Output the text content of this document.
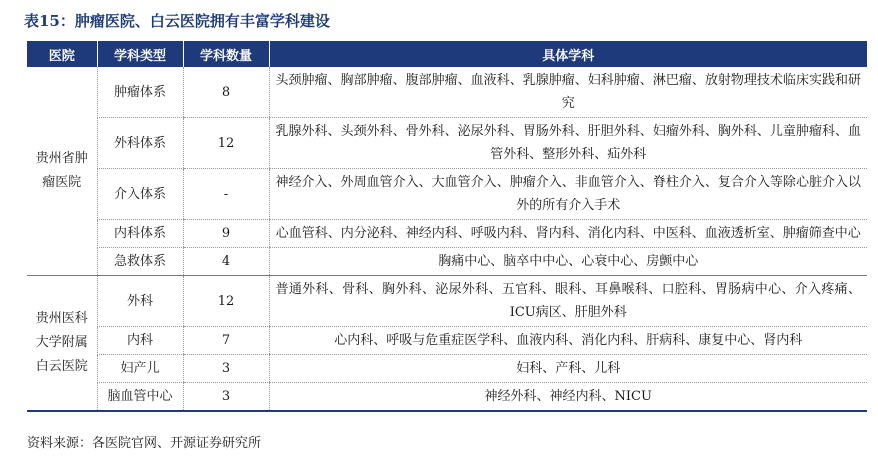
表15：肿瘤医院、白云医院拥有丰富学科建设
医院	学科类型	学科数量	具体学科
贵州省肿瘤医院	肿瘤体系	8	头颈肿瘤、胸部肿瘤、腹部肿瘤、血液科、乳腺肿瘤、妇科肿瘤、淋巴瘤、放射物理技术临床实践和研究
	外科体系	12	乳腺外科、头颈外科、骨外科、泌尿外科、胃肠外科、肝胆外科、妇瘤外科、胸外科、儿童肿瘤科、血管外科、整形外科、疝外科
	介入体系	-	神经介入、外周血管介入、大血管介入、肿瘤介入、非血管介入、脊柱介入、复合介入等除心脏介入以外的所有介入手术
	内科体系	9	心血管科、内分泌科、神经内科、呼吸内科、肾内科、消化内科、中医科、血液透析室、肿瘤筛查中心
	急救体系	4	胸痛中心、脑卒中中心、心衰中心、房颤中心
贵州医科大学附属白云医院	外科	12	普通外科、骨科、胸外科、泌尿外科、五官科、眼科、耳鼻喉科、口腔科、胃肠病中心、介入疼痛、ICU病区、肝胆外科
	内科	7	心内科、呼吸与危重症医学科、血液内科、消化内科、肝病科、康复中心、肾内科
	妇产儿	3	妇科、产科、儿科
	脑血管中心	3	神经外科、神经内科、NICU
资料来源：各医院官网、开源证券研究所
